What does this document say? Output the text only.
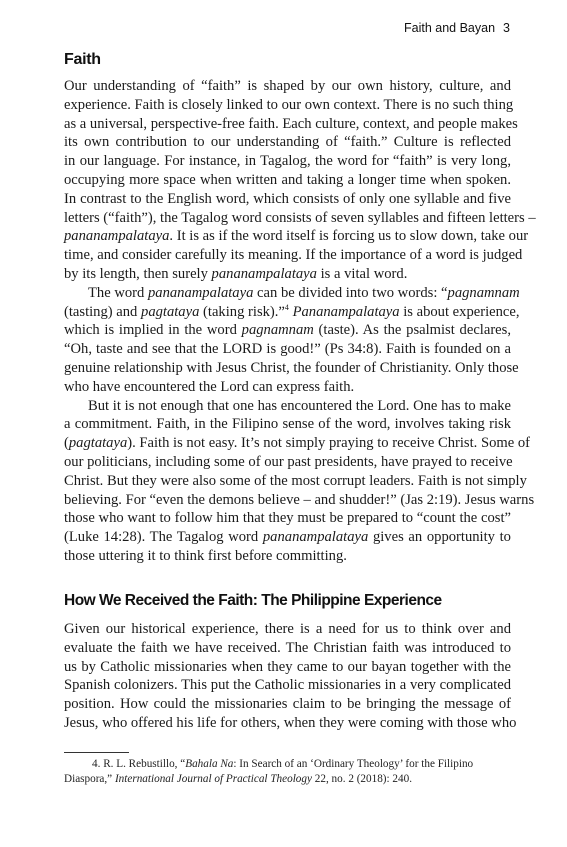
Faith and Bayan 3
Faith
Our understanding of “faith” is shaped by our own history, culture, and
experience. Faith is closely linked to our own context. There is no such thing
as a universal, perspective-free faith. Each culture, context, and people makes
its own contribution to our understanding of “faith.” Culture is reflected
in our language. For instance, in Tagalog, the word for “faith” is very long,
occupying more space when written and taking a longer time when spoken.
In contrast to the English word, which consists of only one syllable and five
letters (“faith”), the Tagalog word consists of seven syllables and fifteen letters –
pananampalataya. It is as if the word itself is forcing us to slow down, take our
time, and consider carefully its meaning. If the importance of a word is judged
by its length, then surely pananampalataya is a vital word.
The word pananampalataya can be divided into two words: “pagnamnam
(tasting) and pagtataya (taking risk).”$^4$ Pananampalataya is about experience,
which is implied in the word pagnamnam (taste). As the psalmist declares,
“Oh, taste and see that the LORD is good!” (Ps 34:8). Faith is founded on a
genuine relationship with Jesus Christ, the founder of Christianity. Only those
who have encountered the Lord can express faith.
But it is not enough that one has encountered the Lord. One has to make
a commitment. Faith, in the Filipino sense of the word, involves taking risk
(pagtataya). Faith is not easy. It’s not simply praying to receive Christ. Some of
our politicians, including some of our past presidents, have prayed to receive
Christ. But they were also some of the most corrupt leaders. Faith is not simply
believing. For “even the demons believe – and shudder!” (Jas 2:19). Jesus warns
those who want to follow him that they must be prepared to “count the cost”
(Luke 14:28). The Tagalog word pananampalataya gives an opportunity to
those uttering it to think first before committing.
How We Received the Faith: The Philippine Experience
Given our historical experience, there is a need for us to think over and
evaluate the faith we have received. The Christian faith was introduced to
us by Catholic missionaries when they came to our bayan together with the
Spanish colonizers. This put the Catholic missionaries in a very complicated
position. How could the missionaries claim to be bringing the message of
Jesus, who offered his life for others, when they were coming with those who
4. R. L. Rebustillo, “Bahala Na: In Search of an ‘Ordinary Theology’ for the Filipino
Diaspora,” International Journal of Practical Theology 22, no. 2 (2018): 240.
